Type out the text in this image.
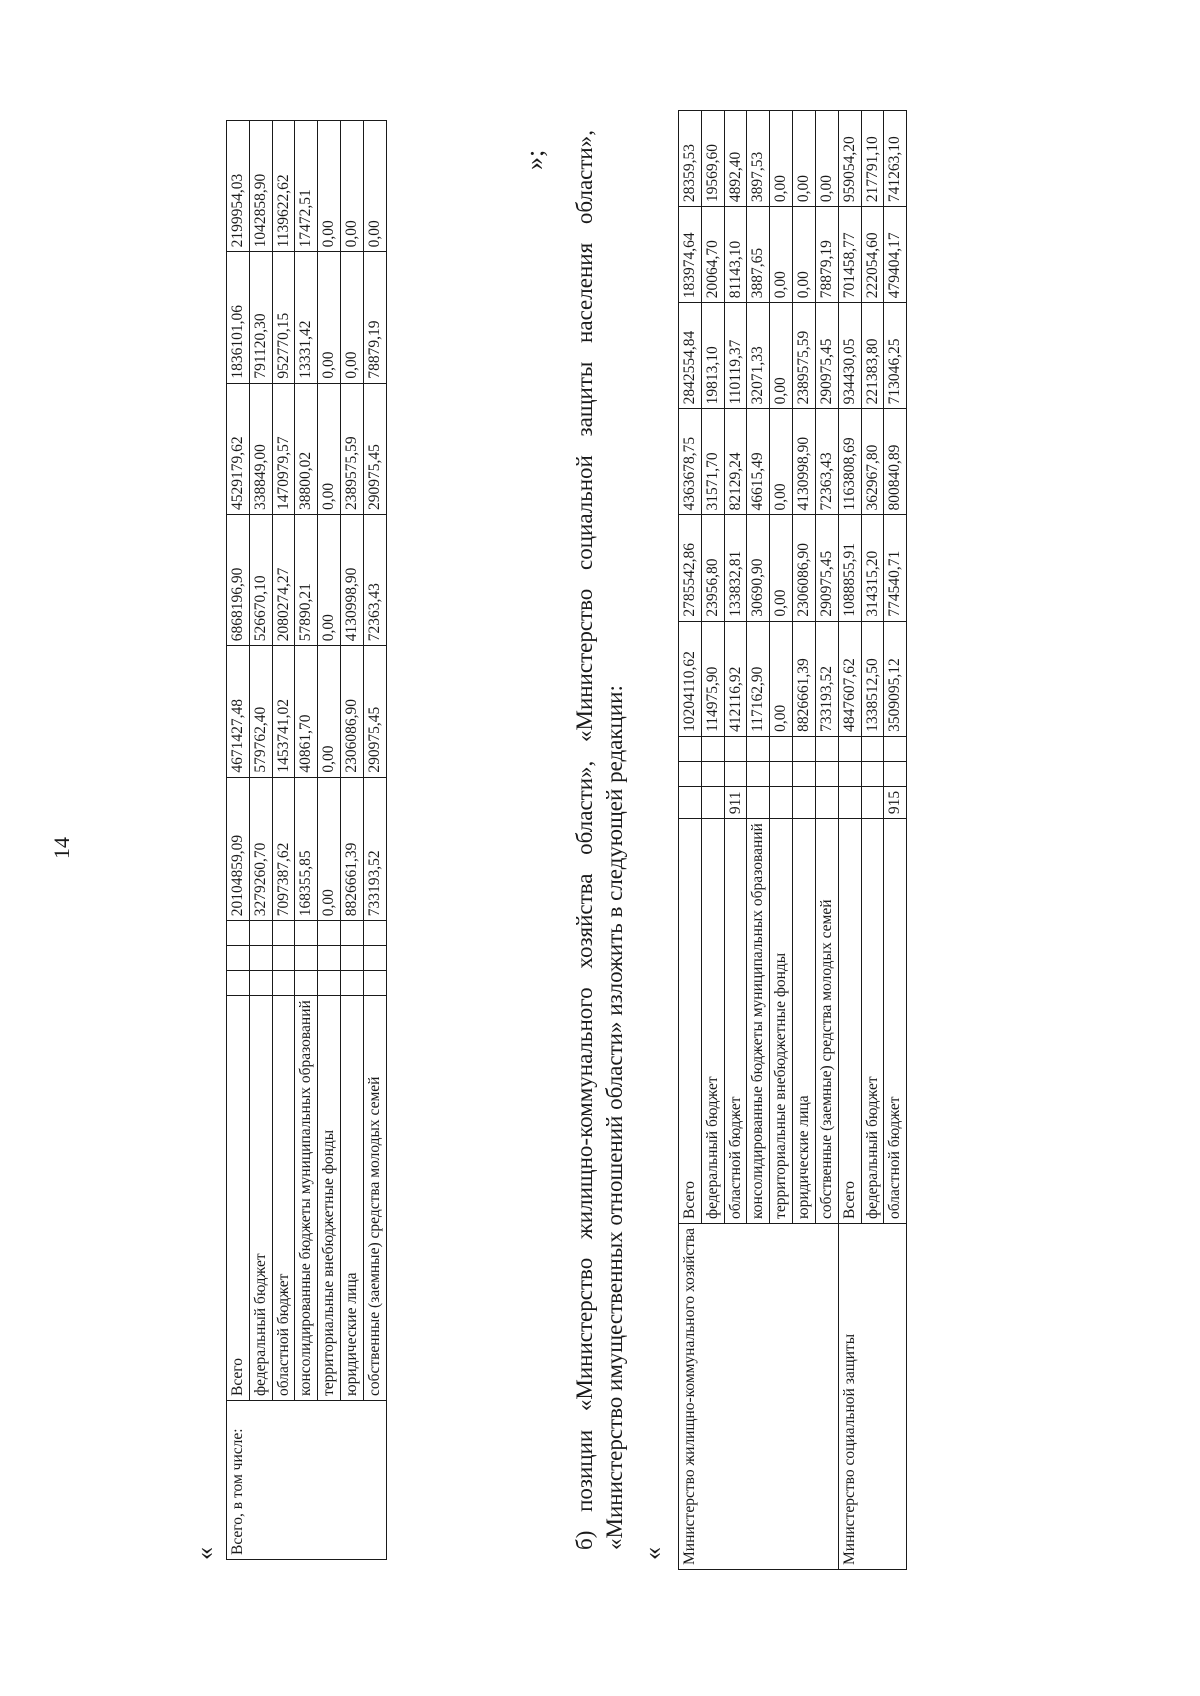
14
« Всего, в том числе:	Всего				20104859,09	4671427,48	6868196,90	4529179,62	1836101,06	2199954,03
	федеральный бюджет				3279260,70	579762,40	526670,10	338849,00	791120,30	1042858,90
	областной бюджет				7097387,62	1453741,02	2080274,27	1470979,57	952770,15	1139622,62
	консолидированные бюджеты муниципальных образований				168355,85	40861,70	57890,21	38800,02	13331,42	17472,51
	территориальные внебюджетные фонды				0,00	0,00	0,00	0,00	0,00	0,00
	юридические лица				8826661,39	2306086,90	4130998,90	2389575,59	0,00	0,00
	собственные (заемные) средства молодых семей				733193,52	290975,45	72363,43	290975,45	78879,19	0,00
»; б) позиции «Министерство жилищно-коммунального хозяйства области», «Министерство социальной защиты населения области», «Министерство имущественных отношений области» изложить в следующей редакции:
« Министерство жилищно-коммунального хозяйства	Всего				10204110,62	2785542,86	4363678,75	2842554,84	183974,64	28359,53
	федеральный бюджет				114975,90	23956,80	31571,70	19813,10	20064,70	19569,60
	областной бюджет	911			412116,92	133832,81	82129,24	110119,37	81143,10	4892,40
	консолидированные бюджеты муниципальных образований				117162,90	30690,90	46615,49	32071,33	3887,65	3897,53
	территориальные внебюджетные фонды				0,00	0,00	0,00	0,00	0,00	0,00
	юридические лица				8826661,39	2306086,90	4130998,90	2389575,59	0,00	0,00
	собственные (заемные) средства молодых семей				733193,52	290975,45	72363,43	290975,45	78879,19	0,00
Министерство социальной защиты	Всего				4847607,62	1088855,91	1163808,69	934430,05	701458,77	959054,20
	федеральный бюджет				1338512,50	314315,20	362967,80	221383,80	222054,60	217791,10
	областной бюджет	915			3509095,12	774540,71	800840,89	713046,25	479404,17	741263,10
